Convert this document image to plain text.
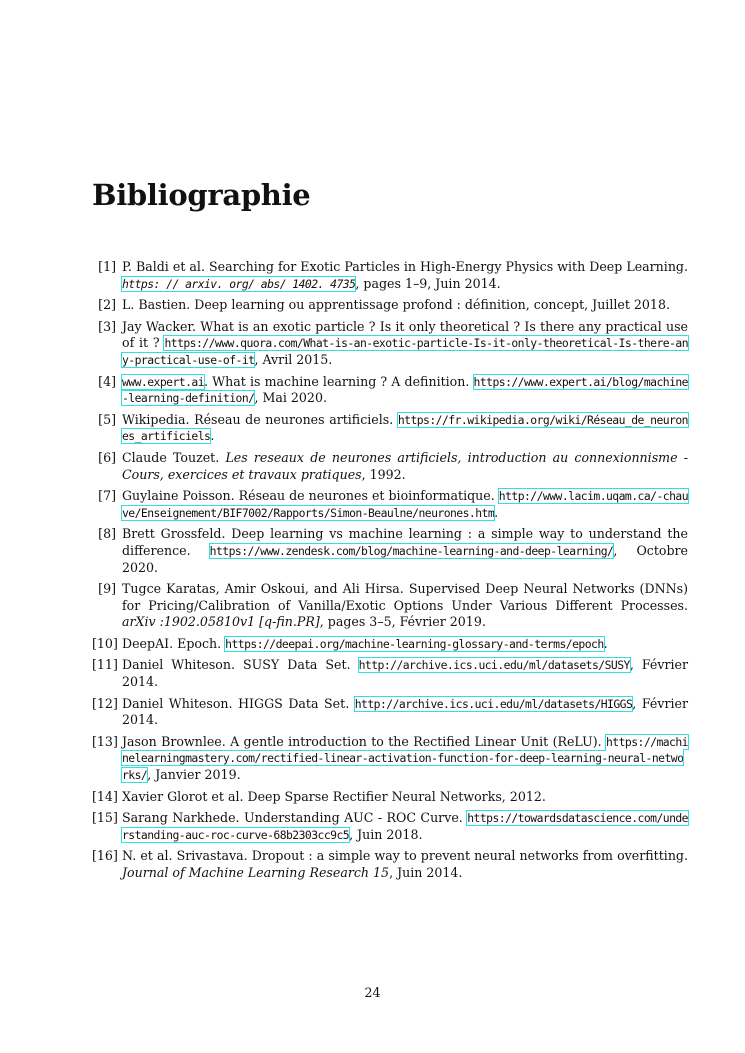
Bibliographie
[1] P. Baldi et al. Searching for Exotic Particles in High-Energy Physics with Deep Learning. https: // arxiv. org/ abs/ 1402. 4735, pages 1–9, Juin 2014.
[2] L. Bastien. Deep learning ou apprentissage profond : définition, concept, Juillet 2018.
[3] Jay Wacker. What is an exotic particle ? Is it only theoretical ? Is there any practical use of it ? https://www.quora.com/What-is-an-exotic-particle-Is-it-only-theoretical-Is-there-any-practical-use-of-it, Avril 2015.
[4] www.expert.ai. What is machine learning ? A definition. https://www.expert.ai/blog/machine-learning-definition/, Mai 2020.
[5] Wikipedia. Réseau de neurones artificiels. https://fr.wikipedia.org/wiki/Réseau_de_neurones_artificiels.
[6] Claude Touzet. Les reseaux de neurones artificiels, introduction au connexionnisme - Cours, exercices et travaux pratiques, 1992.
[7] Guylaine Poisson. Réseau de neurones et bioinformatique. http://www.lacim.uqam.ca/-chauve/Enseignement/BIF7002/Rapports/Simon-Beaulne/neurones.htm.
[8] Brett Grossfeld. Deep learning vs machine learning : a simple way to understand the difference. https://www.zendesk.com/blog/machine-learning-and-deep-learning/, Octobre 2020.
[9] Tugce Karatas, Amir Oskoui, and Ali Hirsa. Supervised Deep Neural Networks (DNNs) for Pricing/Calibration of Vanilla/Exotic Options Under Various Different Processes. arXiv :1902.05810v1 [q-fin.PR], pages 3–5, Février 2019.
[10] DeepAI. Epoch. https://deepai.org/machine-learning-glossary-and-terms/epoch.
[11] Daniel Whiteson. SUSY Data Set. http://archive.ics.uci.edu/ml/datasets/SUSY, Février 2014.
[12] Daniel Whiteson. HIGGS Data Set. http://archive.ics.uci.edu/ml/datasets/HIGGS, Février 2014.
[13] Jason Brownlee. A gentle introduction to the Rectified Linear Unit (ReLU). https://machinelearningmastery.com/rectified-linear-activation-function-for-deep-learning-neural-networks/, Janvier 2019.
[14] Xavier Glorot et al. Deep Sparse Rectifier Neural Networks, 2012.
[15] Sarang Narkhede. Understanding AUC - ROC Curve. https://towardsdatascience.com/understanding-auc-roc-curve-68b2303cc9c5, Juin 2018.
[16] N. et al. Srivastava. Dropout : a simple way to prevent neural networks from overfitting. Journal of Machine Learning Research 15, Juin 2014.
24
